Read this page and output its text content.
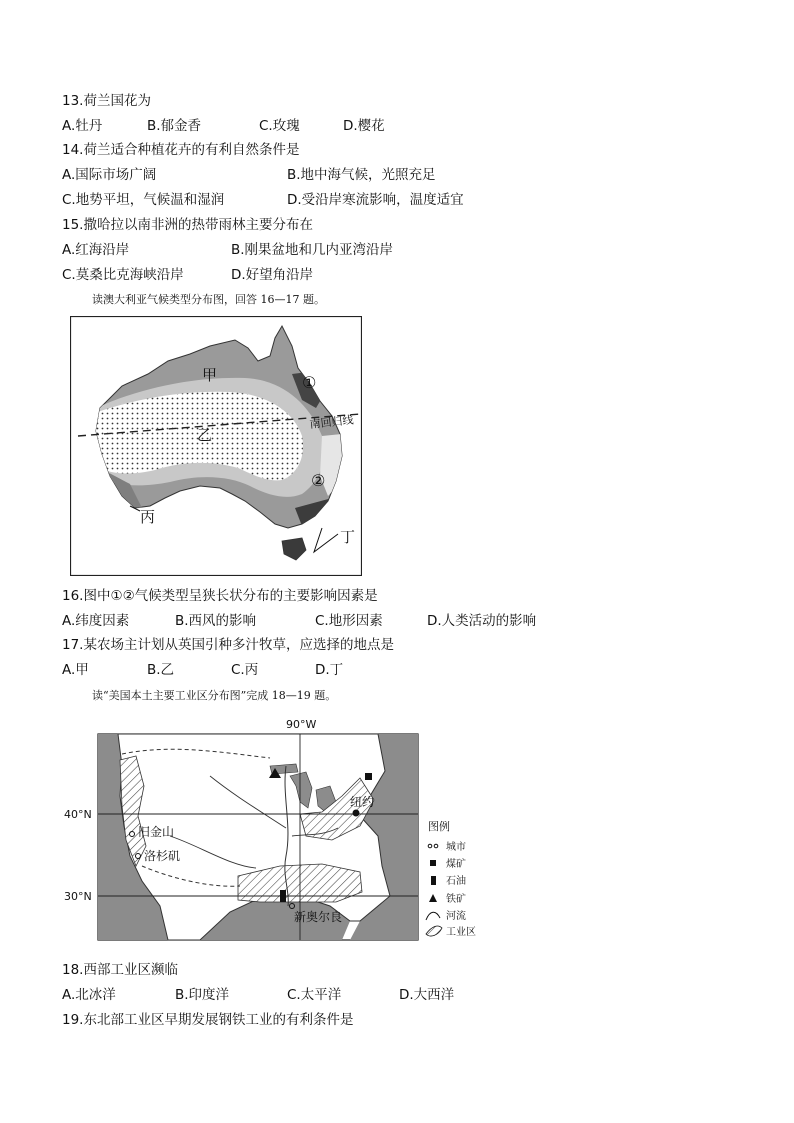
13.荷兰国花为
A.牡丹	B.郁金香	C.玫瑰	D.樱花
14.荷兰适合种植花卉的有利自然条件是
A.国际市场广阔	B.地中海气候，光照充足
C.地势平坦，气候温和湿润	D.受沿岸寒流影响，温度适宜
15.撒哈拉以南非洲的热带雨林主要分布在
A.红海沿岸	B.刚果盆地和几内亚湾沿岸
C.莫桑比克海峡沿岸	D.好望角沿岸
读澳大利亚气候类型分布图，回答 16—17 题。
甲
乙
丙
丁
①
②
南回归线
16.图中①②气候类型呈狭长状分布的主要影响因素是
A.纬度因素	B.西风的影响	C.地形因素	D.人类活动的影响
17.某农场主计划从英国引种多汁牧草，应选择的地点是
A.甲	B.乙	C.丙	D.丁
读“美国本土主要工业区分布图”完成 18—19 题。
90°W
40°N
30°N
旧金山
洛杉矶
纽约
新奥尔良
图例
城市
煤矿
石油
铁矿
河流
工业区
18.西部工业区濒临
A.北冰洋	B.印度洋	C.太平洋	D.大西洋
19.东北部工业区早期发展钢铁工业的有利条件是
